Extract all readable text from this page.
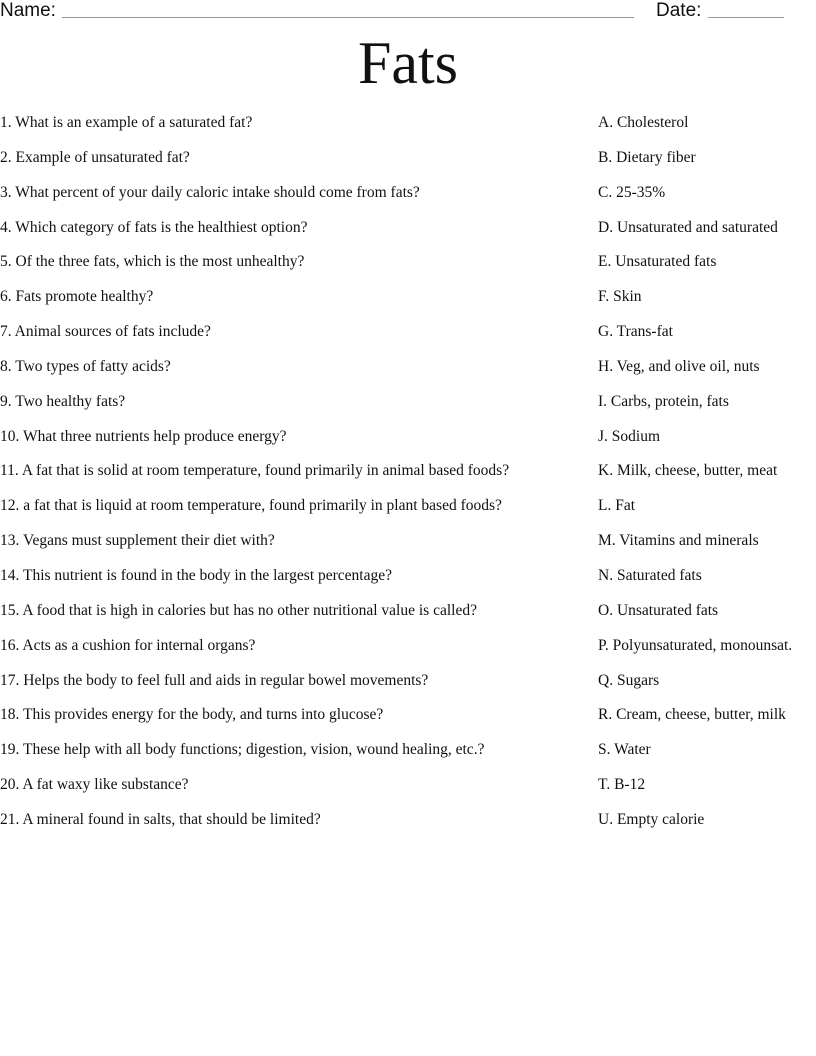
Name:	Date:
Fats
1. What is an example of a saturated fat?	A. Cholesterol
2. Example of unsaturated fat?	B. Dietary fiber
3. What percent of your daily caloric intake should come from fats?	C. 25-35%
4. Which category of fats is the healthiest option?	D. Unsaturated and saturated
5. Of the three fats, which is the most unhealthy?	E. Unsaturated fats
6. Fats promote healthy?	F. Skin
7. Animal sources of fats include?	G. Trans-fat
8. Two types of fatty acids?	H. Veg, and olive oil, nuts
9. Two healthy fats?	I. Carbs, protein, fats
10. What three nutrients help produce energy?	J. Sodium
11. A fat that is solid at room temperature, found primarily in animal based foods?	K. Milk, cheese, butter, meat
12. a fat that is liquid at room temperature, found primarily in plant based foods?	L. Fat
13. Vegans must supplement their diet with?	M. Vitamins and minerals
14. This nutrient is found in the body in the largest percentage?	N. Saturated fats
15. A food that is high in calories but has no other nutritional value is called?	O. Unsaturated fats
16. Acts as a cushion for internal organs?	P. Polyunsaturated, monounsat.
17. Helps the body to feel full and aids in regular bowel movements?	Q. Sugars
18. This provides energy for the body, and turns into glucose?	R. Cream, cheese, butter, milk
19. These help with all body functions; digestion, vision, wound healing, etc.?	S. Water
20. A fat waxy like substance?	T. B-12
21. A mineral found in salts, that should be limited?	U. Empty calorie
